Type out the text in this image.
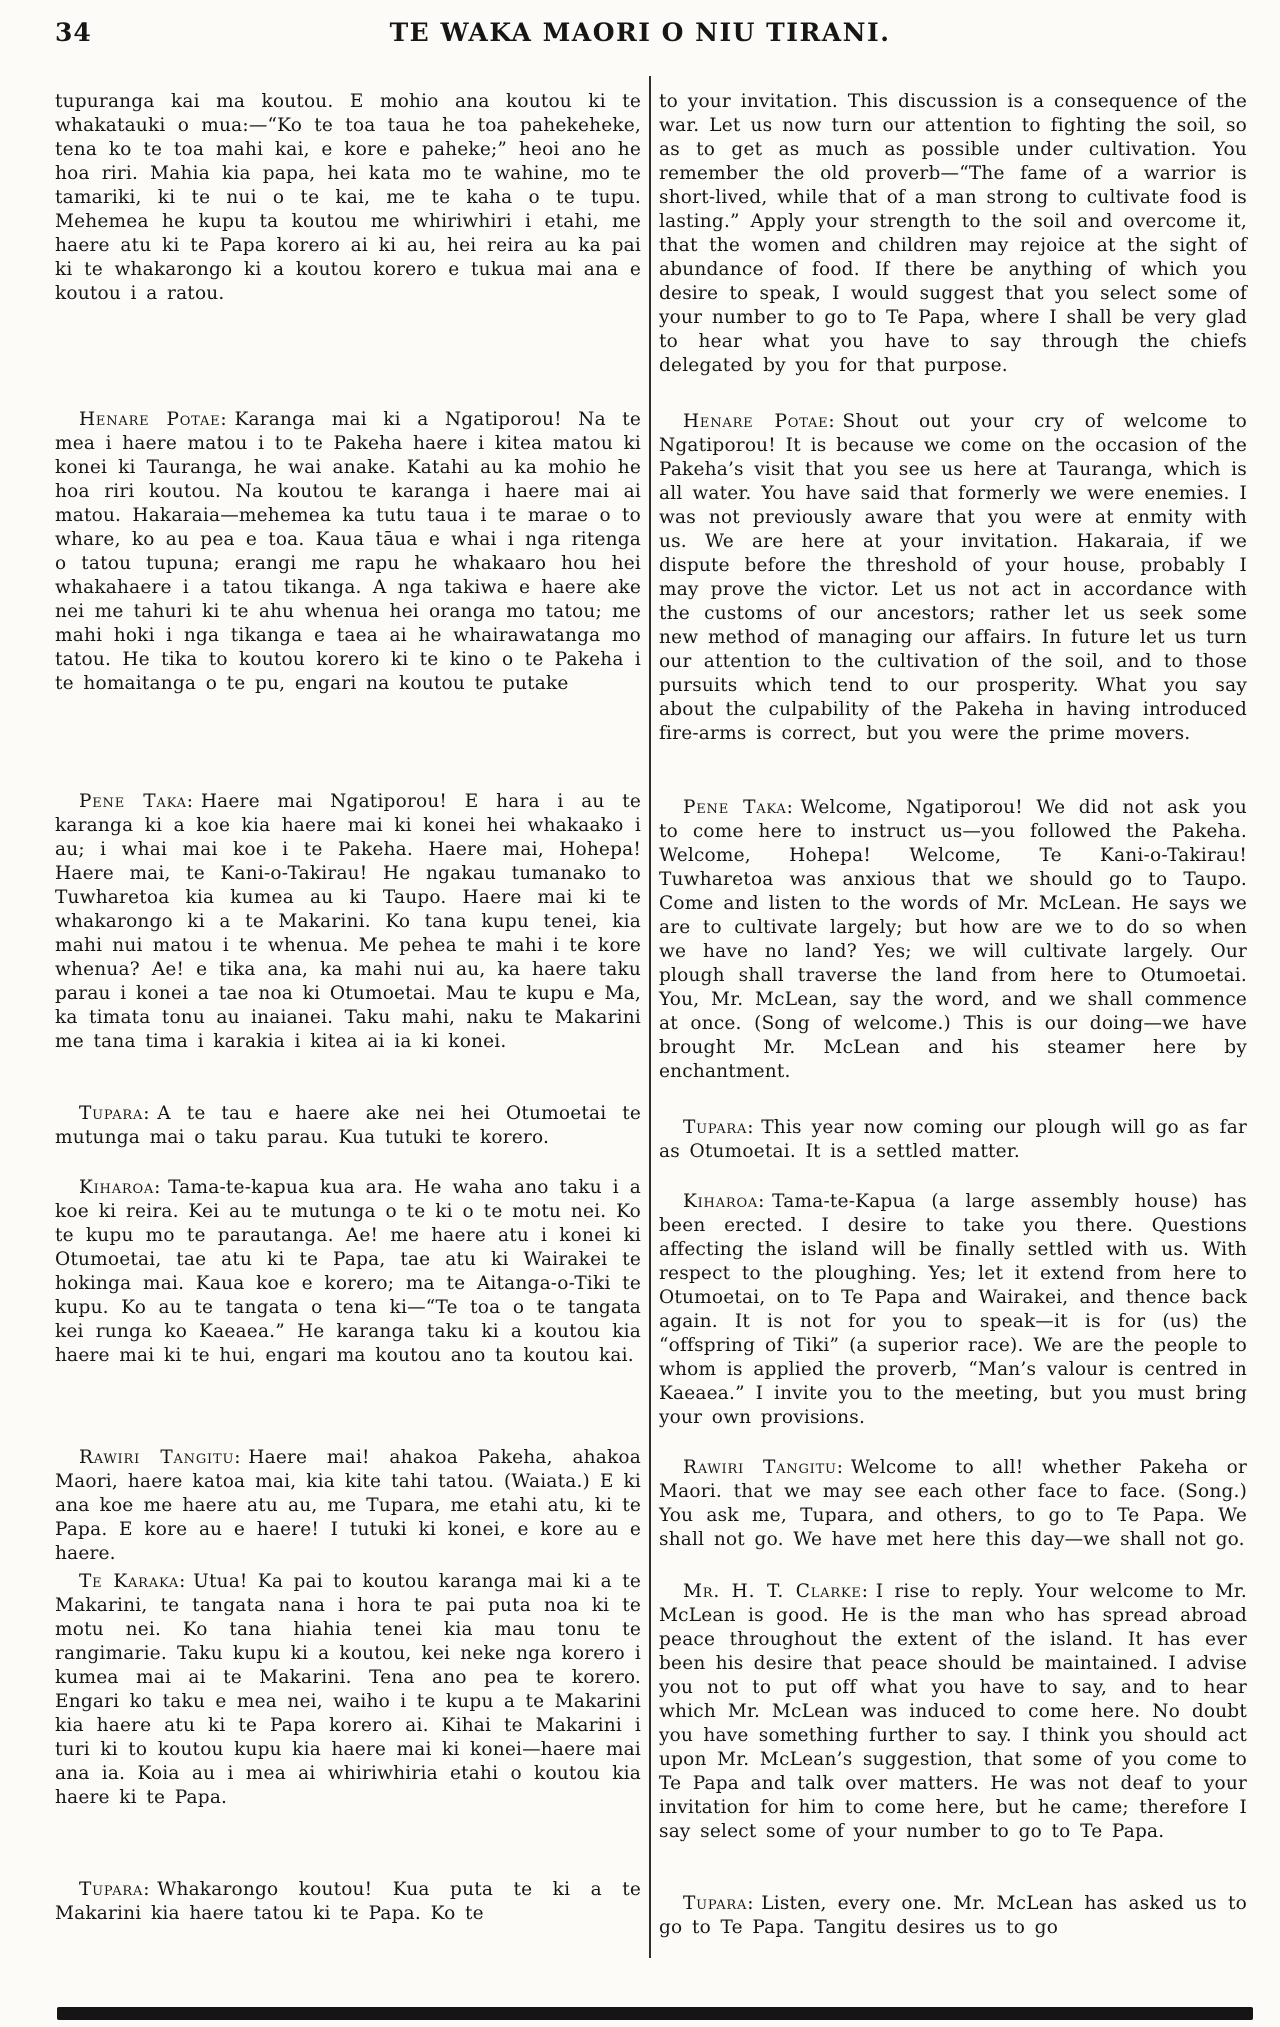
34	TE WAKA MAORI O NIU TIRANI.

tupuranga kai ma koutou. E mohio ana koutou ki te whakatauki o mua:—“Ko te toa taua he toa pahekeheke, tena ko te toa mahi kai, e kore e paheke;” heoi ano he hoa riri. Mahia kia papa, hei kata mo te wahine, mo te tamariki, ki te nui o te kai, me te kaha o te tupu. Mehemea he kupu ta koutou me whiriwhiri i etahi, me haere atu ki te Papa korero ai ki au, hei reira au ka pai ki te whakarongo ki a koutou korero e tukua mai ana e koutou i a ratou.

Henare Potae: Karanga mai ki a Ngatiporou! Na te mea i haere matou i to te Pakeha haere i kitea matou ki konei ki Tauranga, he wai anake. Katahi au ka mohio he hoa riri koutou. Na koutou te karanga i haere mai ai matou. Hakaraia—mehemea ka tutu taua i te marae o to whare, ko au pea e toa. Kaua tāua e whai i nga ritenga o tatou tupuna; erangi me rapu he whakaaro hou hei whakahaere i a tatou tikanga. A nga takiwa e haere ake nei me tahuri ki te ahu whenua hei oranga mo tatou; me mahi hoki i nga tikanga e taea ai he whairawatanga mo tatou. He tika to koutou korero ki te kino o te Pakeha i te homaitanga o te pu, engari na koutou te putake

Pene Taka: Haere mai Ngatiporou! E hara i au te karanga ki a koe kia haere mai ki konei hei whakaako i au; i whai mai koe i te Pakeha. Haere mai, Hohepa! Haere mai, te Kani-o-Takirau! He ngakau tumanako to Tuwharetoa kia kumea au ki Taupo. Haere mai ki te whakarongo ki a te Makarini. Ko tana kupu tenei, kia mahi nui matou i te whenua. Me pehea te mahi i te kore whenua? Ae! e tika ana, ka mahi nui au, ka haere taku parau i konei a tae noa ki Otumoetai. Mau te kupu e Ma, ka timata tonu au inaianei. Taku mahi, naku te Makarini me tana tima i karakia i kitea ai ia ki konei.

Tupara: A te tau e haere ake nei hei Otumoetai te mutunga mai o taku parau. Kua tutuki te korero.

Kiharoa: Tama-te-kapua kua ara. He waha ano taku i a koe ki reira. Kei au te mutunga o te ki o te motu nei. Ko te kupu mo te parautanga. Ae! me haere atu i konei ki Otumoetai, tae atu ki te Papa, tae atu ki Wairakei te hokinga mai. Kaua koe e korero; ma te Aitanga-o-Tiki te kupu. Ko au te tangata o tena ki—“Te toa o te tangata kei runga ko Kaeaea.” He karanga taku ki a koutou kia haere mai ki te hui, engari ma koutou ano ta koutou kai.

Rawiri Tangitu: Haere mai! ahakoa Pakeha, ahakoa Maori, haere katoa mai, kia kite tahi tatou. (Waiata.) E ki ana koe me haere atu au, me Tupara, me etahi atu, ki te Papa. E kore au e haere! I tutuki ki konei, e kore au e haere.

Te Karaka: Utua! Ka pai to koutou karanga mai ki a te Makarini, te tangata nana i hora te pai puta noa ki te motu nei. Ko tana hiahia tenei kia mau tonu te rangimarie. Taku kupu ki a koutou, kei neke nga korero i kumea mai ai te Makarini. Tena ano pea te korero. Engari ko taku e mea nei, waiho i te kupu a te Makarini kia haere atu ki te Papa korero ai. Kihai te Makarini i turi ki to koutou kupu kia haere mai ki konei—haere mai ana ia. Koia au i mea ai whiriwhiria etahi o koutou kia haere ki te Papa.

Tupara: Whakarongo koutou! Kua puta te ki a te Makarini kia haere tatou ki te Papa. Ko te

to your invitation. This discussion is a consequence of the war. Let us now turn our attention to fighting the soil, so as to get as much as possible under cultivation. You remember the old proverb—“The fame of a warrior is short-lived, while that of a man strong to cultivate food is lasting.” Apply your strength to the soil and overcome it, that the women and children may rejoice at the sight of abundance of food. If there be anything of which you desire to speak, I would suggest that you select some of your number to go to Te Papa, where I shall be very glad to hear what you have to say through the chiefs delegated by you for that purpose.

Henare Potae: Shout out your cry of welcome to Ngatiporou! It is because we come on the occasion of the Pakeha’s visit that you see us here at Tauranga, which is all water. You have said that formerly we were enemies. I was not previously aware that you were at enmity with us. We are here at your invitation. Hakaraia, if we dispute before the threshold of your house, probably I may prove the victor. Let us not act in accordance with the customs of our ancestors; rather let us seek some new method of managing our affairs. In future let us turn our attention to the cultivation of the soil, and to those pursuits which tend to our prosperity. What you say about the culpability of the Pakeha in having introduced fire-arms is correct, but you were the prime movers.

Pene Taka: Welcome, Ngatiporou! We did not ask you to come here to instruct us—you followed the Pakeha. Welcome, Hohepa! Welcome, Te Kani-o-Takirau! Tuwharetoa was anxious that we should go to Taupo. Come and listen to the words of Mr. McLean. He says we are to cultivate largely; but how are we to do so when we have no land? Yes; we will cultivate largely. Our plough shall traverse the land from here to Otumoetai. You, Mr. McLean, say the word, and we shall commence at once. (Song of welcome.) This is our doing—we have brought Mr. McLean and his steamer here by enchantment.

Tupara: This year now coming our plough will go as far as Otumoetai. It is a settled matter.

Kiharoa: Tama-te-Kapua (a large assembly house) has been erected. I desire to take you there. Questions affecting the island will be finally settled with us. With respect to the ploughing. Yes; let it extend from here to Otumoetai, on to Te Papa and Wairakei, and thence back again. It is not for you to speak—it is for (us) the “offspring of Tiki” (a superior race). We are the people to whom is applied the proverb, “Man’s valour is centred in Kaeaea.” I invite you to the meeting, but you must bring your own provisions.

Rawiri Tangitu: Welcome to all! whether Pakeha or Maori. that we may see each other face to face. (Song.) You ask me, Tupara, and others, to go to Te Papa. We shall not go. We have met here this day—we shall not go.

Mr. H. T. Clarke: I rise to reply. Your welcome to Mr. McLean is good. He is the man who has spread abroad peace throughout the extent of the island. It has ever been his desire that peace should be maintained. I advise you not to put off what you have to say, and to hear which Mr. McLean was induced to come here. No doubt you have something further to say. I think you should act upon Mr. McLean’s suggestion, that some of you come to Te Papa and talk over matters. He was not deaf to your invitation for him to come here, but he came; therefore I say select some of your number to go to Te Papa.

Tupara: Listen, every one. Mr. McLean has asked us to go to Te Papa. Tangitu desires us to go
